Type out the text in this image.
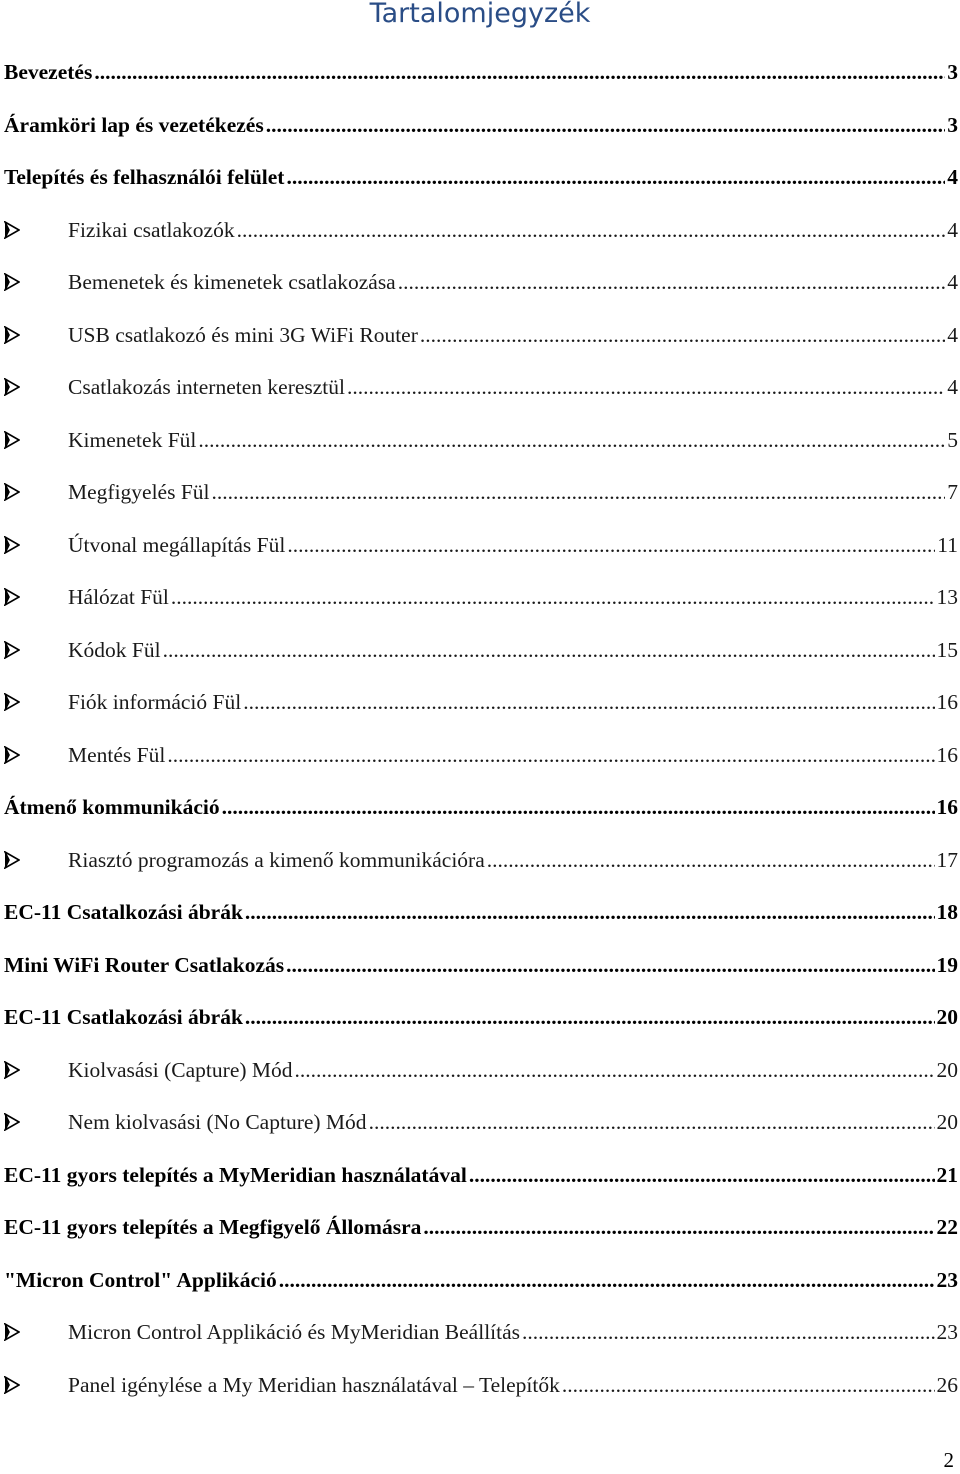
Tartalomjegyzék
Bevezetés .....	3
Áramköri lap és vezetékezés .....	3
Telepítés és felhasználói felület .....	4
Fizikai csatlakozók .....	4
Bemenetek és kimenetek csatlakozása .....	4
USB csatlakozó és mini 3G WiFi Router .....	4
Csatlakozás interneten keresztül .....	4
Kimenetek Fül .....	5
Megfigyelés Fül .....	7
Útvonal megállapítás Fül .....	11
Hálózat Fül .....	13
Kódok Fül .....	15
Fiók információ Fül .....	16
Mentés Fül .....	16
Átmenő kommunikáció .....	16
Riasztó programozás a kimenő kommunikációra .....	17
EC-11 Csatalkozási ábrák .....	18
Mini WiFi Router Csatlakozás .....	19
EC-11 Csatlakozási ábrák .....	20
Kiolvasási (Capture) Mód .....	20
Nem kiolvasási (No Capture) Mód .....	20
EC-11 gyors telepítés a MyMeridian használatával .....	21
EC-11 gyors telepítés a Megfigyelő Állomásra .....	22
"Micron Control" Applikáció .....	23
Micron Control Applikáció és MyMeridian Beállítás .....	23
Panel igénylése a My Meridian használatával – Telepítők .....	26
2
